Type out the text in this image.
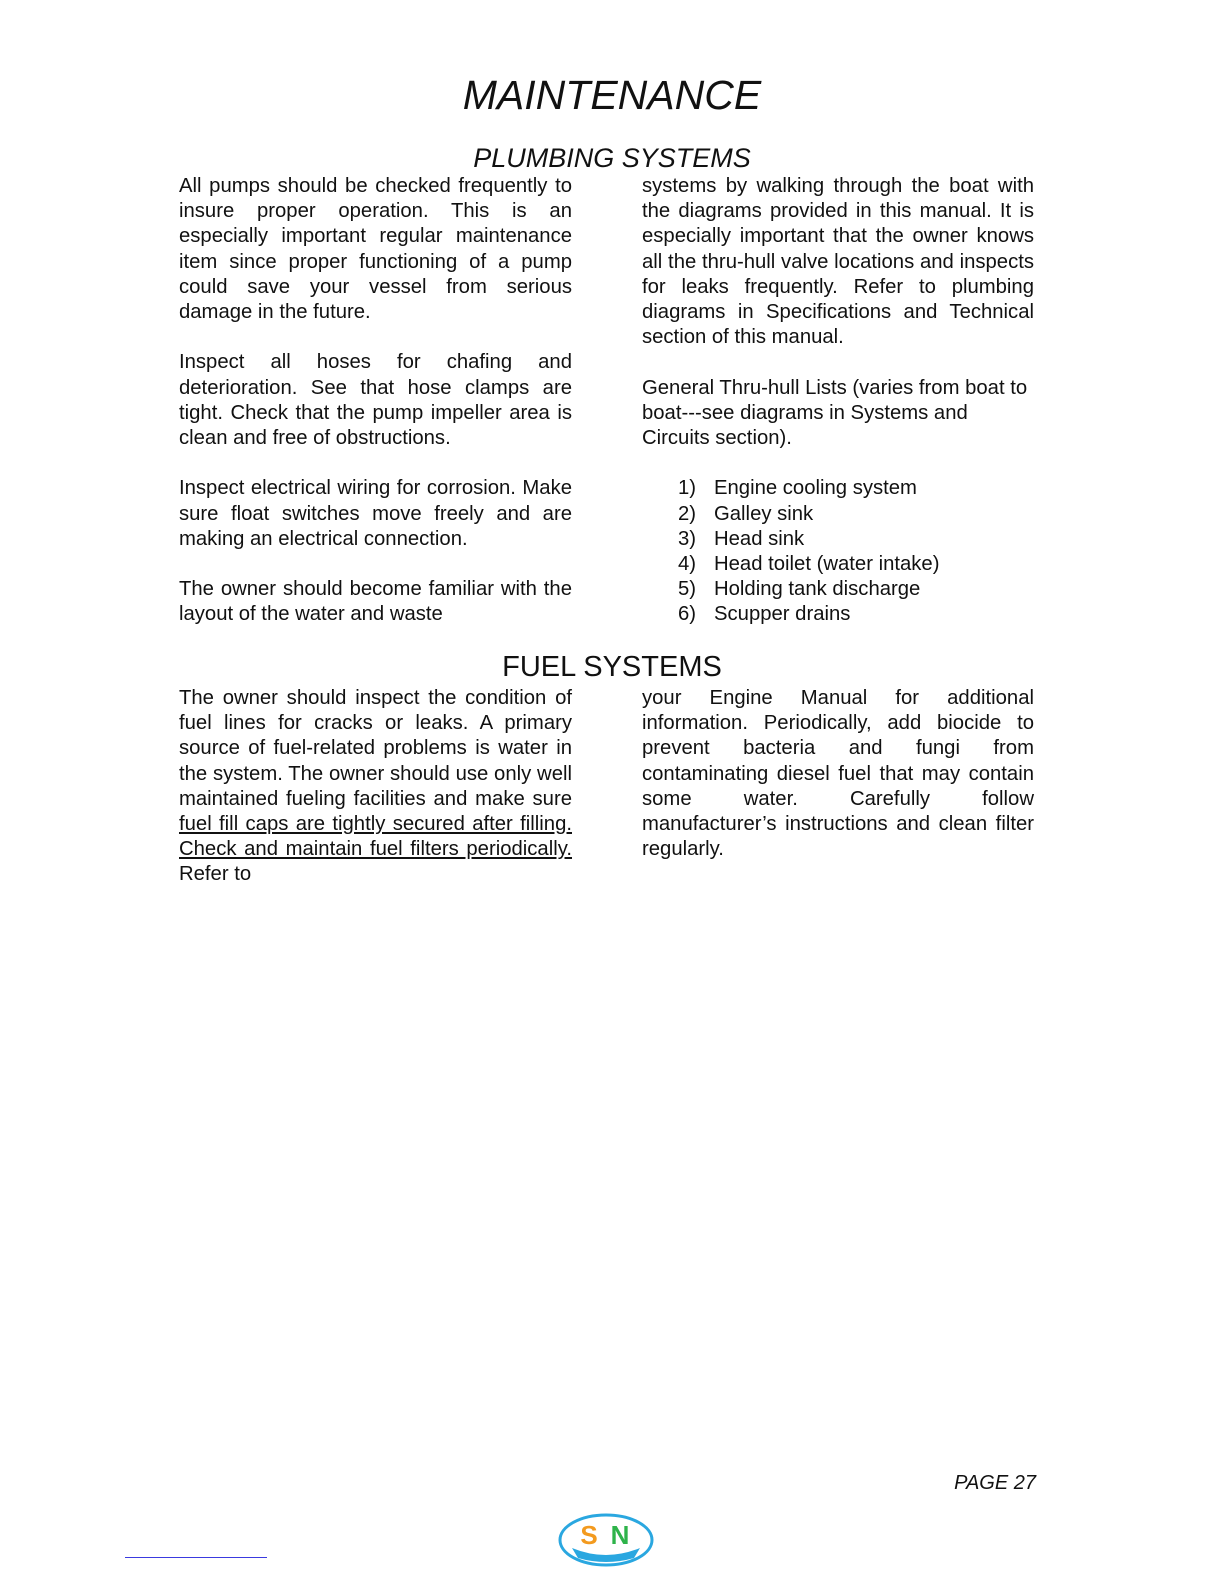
MAINTENANCE
PLUMBING SYSTEMS

All pumps should be checked frequently to insure proper operation. This is an especially important regular maintenance item since proper functioning of a pump could save your vessel from serious damage in the future.

Inspect all hoses for chafing and deterioration. See that hose clamps are tight. Check that the pump impeller area is clean and free of obstructions.

Inspect electrical wiring for corrosion. Make sure float switches move freely and are making an electrical connection.

The owner should become familiar with the layout of the water and waste

systems by walking through the boat with the diagrams provided in this manual. It is especially important that the owner knows all the thru-hull valve locations and inspects for leaks frequently. Refer to plumbing diagrams in Specifications and Technical section of this manual.

General Thru-hull Lists (varies from boat to boat---see diagrams in Systems and Circuits section).

1) Engine cooling system
2) Galley sink
3) Head sink
4) Head toilet (water intake)
5) Holding tank discharge
6) Scupper drains
FUEL SYSTEMS

The owner should inspect the condition of fuel lines for cracks or leaks. A primary source of fuel-related problems is water in the system. The owner should use only well maintained fueling facilities and make sure fuel fill caps are tightly secured after filling. Check and maintain fuel filters periodically. Refer to

your Engine Manual for additional information. Periodically, add biocide to prevent bacteria and fungi from contaminating diesel fuel that may contain some water. Carefully follow manufacturer’s instructions and clean filter regularly.

PAGE 27
S N
